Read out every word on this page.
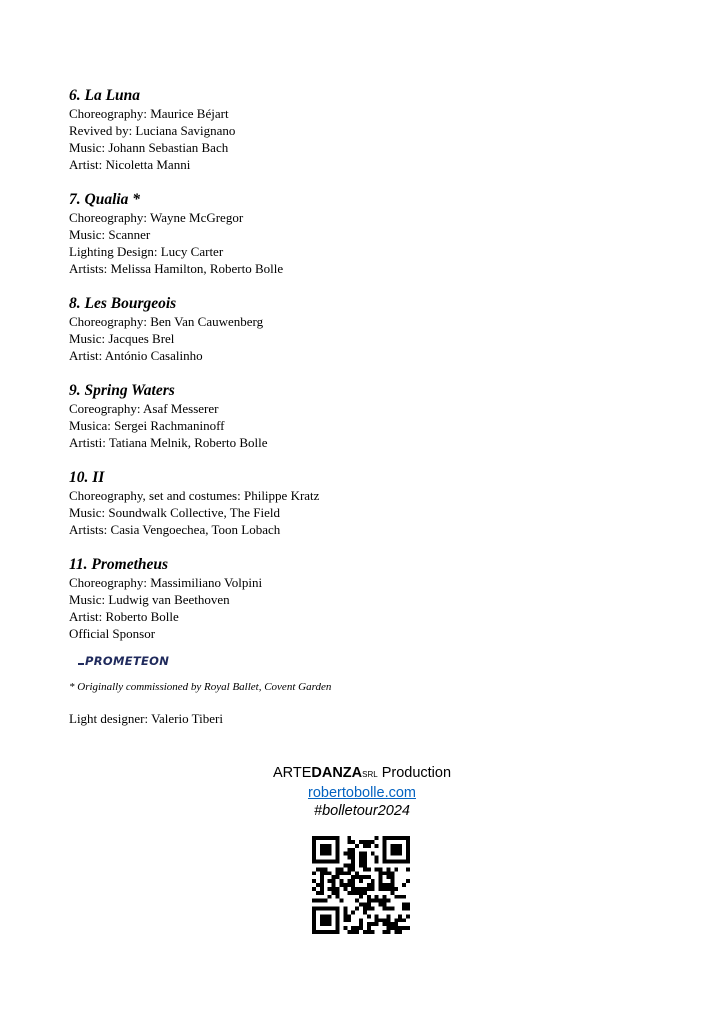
6. La Luna
Choreography: Maurice Béjart
Revived by: Luciana Savignano
Music: Johann Sebastian Bach
Artist: Nicoletta Manni
7. Qualia *
Choreography: Wayne McGregor
Music: Scanner
Lighting Design: Lucy Carter
Artists: Melissa Hamilton, Roberto Bolle
8. Les Bourgeois
Choreography: Ben Van Cauwenberg
Music: Jacques Brel
Artist: António Casalinho
9. Spring Waters
Coreography: Asaf Messerer
Musica: Sergei Rachmaninoff
Artisti: Tatiana Melnik, Roberto Bolle
10. II
Choreography, set and costumes: Philippe Kratz
Music: Soundwalk Collective, The Field
Artists: Casia Vengoechea, Toon Lobach
11. Prometheus
Choreography: Massimiliano Volpini
Music: Ludwig van Beethoven
Artist: Roberto Bolle
Official Sponsor
PROMETEON
* Originally commissioned by Royal Ballet, Covent Garden
Light designer: Valerio Tiberi
ARTEDANZASRL Production
robertobolle.com
#bolletour2024
